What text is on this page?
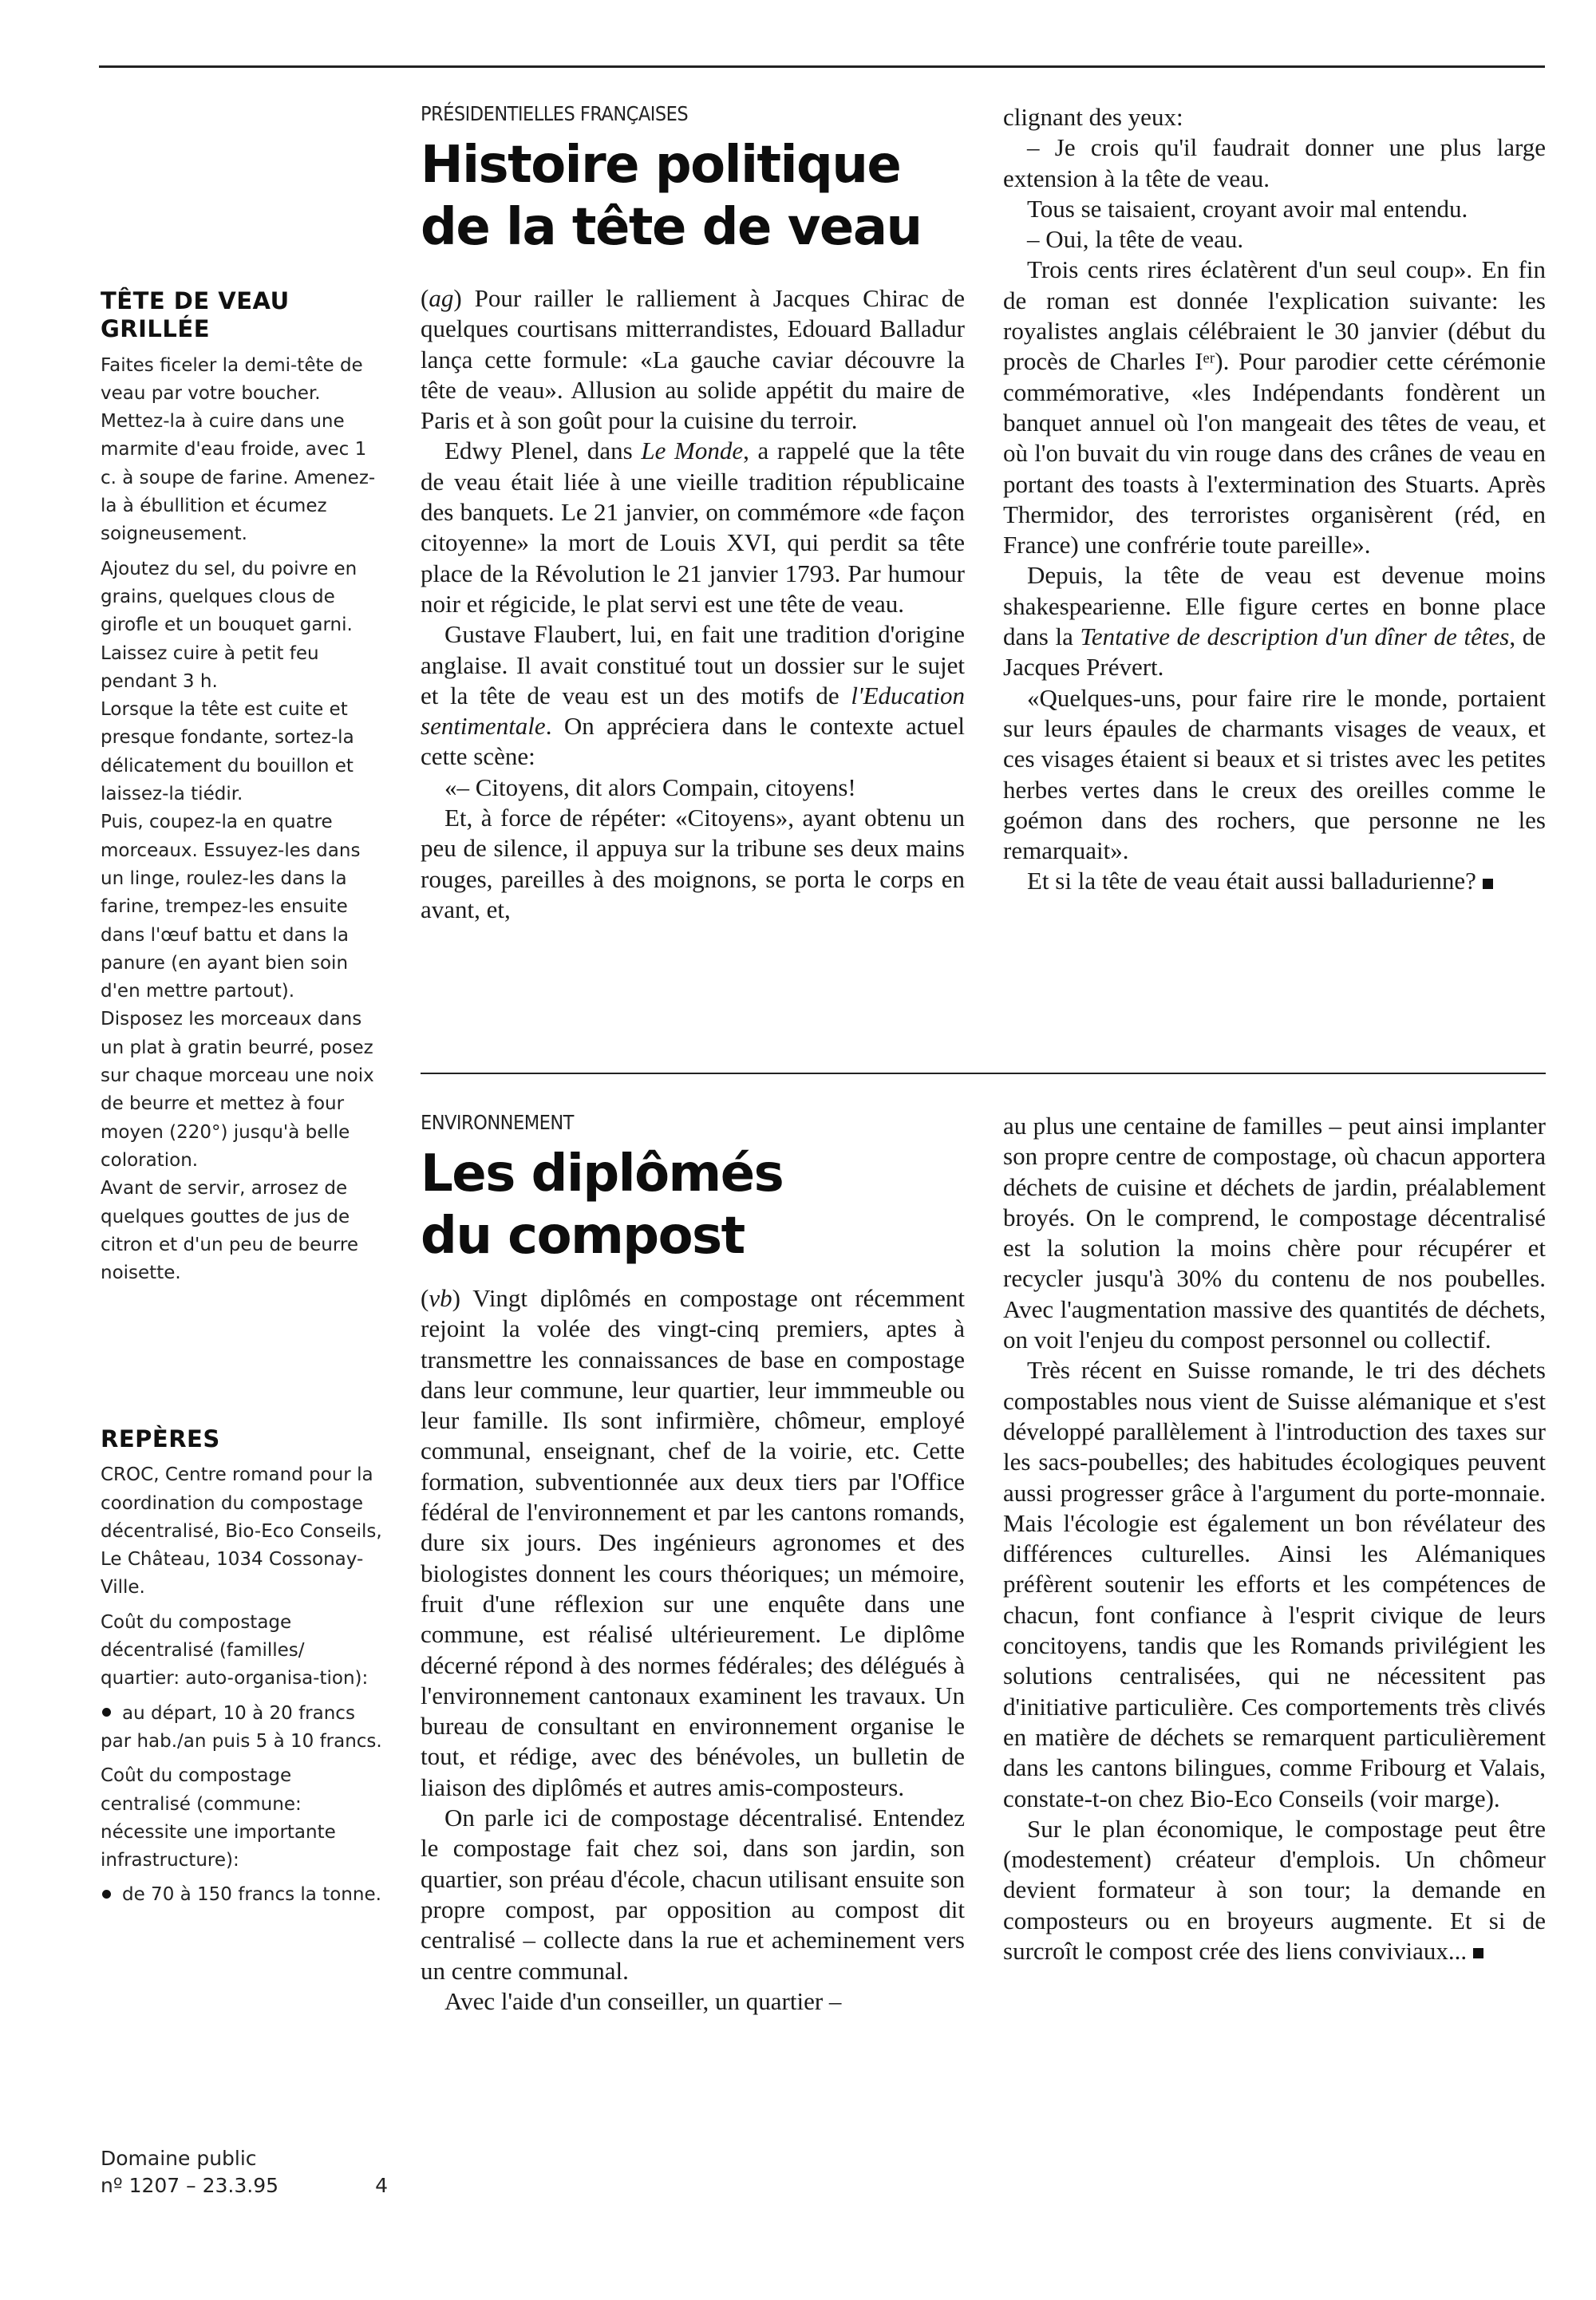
TÊTE DE VEAU GRILLÉE

Faites ficeler la demi-tête de veau par votre boucher. Mettez-la à cuire dans une marmite d'eau froide, avec 1 c. à soupe de farine. Amenez-la à ébullition et écumez soigneusement.

Ajoutez du sel, du poivre en grains, quelques clous de girofle et un bouquet garni. Laissez cuire à petit feu pendant 3 h.

Lorsque la tête est cuite et presque fondante, sortez-la délicatement du bouillon et laissez-la tiédir.

Puis, coupez-la en quatre morceaux. Essuyez-les dans un linge, roulez-les dans la farine, trempez-les ensuite dans l'œuf battu et dans la panure (en ayant bien soin d'en mettre partout).

Disposez les morceaux dans un plat à gratin beurré, posez sur chaque morceau une noix de beurre et mettez à four moyen (220°) jusqu'à belle coloration.

Avant de servir, arrosez de quelques gouttes de jus de citron et d'un peu de beurre noisette.

REPÈRES

CROC, Centre romand pour la coordination du compostage décentralisé, Bio-Eco Conseils, Le Château, 1034 Cossonay-Ville.

Coût du compostage décentralisé (familles/ quartier: auto-organisa-tion):

au départ, 10 à 20 francs par hab./an puis 5 à 10 francs.

Coût du compostage centralisé (commune: nécessite une importante infrastructure):

de 70 à 150 francs la tonne.

Domaine public
nº 1207 – 23.3.95	4
PRÉSIDENTIELLES FRANÇAISES
Histoire politique de la tête de veau

(ag) Pour railler le ralliement à Jacques Chirac de quelques courtisans mitterrandistes, Edouard Balladur lança cette formule: «La gauche caviar découvre la tête de veau». Allusion au solide appétit du maire de Paris et à son goût pour la cuisine du terroir.

Edwy Plenel, dans Le Monde, a rappelé que la tête de veau était liée à une vieille tradition républicaine des banquets. Le 21 janvier, on commémore «de façon citoyenne» la mort de Louis XVI, qui perdit sa tête place de la Révolution le 21 janvier 1793. Par humour noir et régicide, le plat servi est une tête de veau.

Gustave Flaubert, lui, en fait une tradition d'origine anglaise. Il avait constitué tout un dossier sur le sujet et la tête de veau est un des motifs de l'Education sentimentale. On appréciera dans le contexte actuel cette scène:

«– Citoyens, dit alors Compain, citoyens!

Et, à force de répéter: «Citoyens», ayant obtenu un peu de silence, il appuya sur la tribune ses deux mains rouges, pareilles à des moignons, se porta le corps en avant, et,

clignant des yeux:

– Je crois qu'il faudrait donner une plus large extension à la tête de veau.

Tous se taisaient, croyant avoir mal entendu.

– Oui, la tête de veau.

Trois cents rires éclatèrent d'un seul coup». En fin de roman est donnée l'explication suivante: les royalistes anglais célébraient le 30 janvier (début du procès de Charles Iᵉʳ). Pour parodier cette cérémonie commémorative, «les Indépendants fondèrent un banquet annuel où l'on mangeait des têtes de veau, et où l'on buvait du vin rouge dans des crânes de veau en portant des toasts à l'extermination des Stuarts. Après Thermidor, des terroristes organisèrent (réd, en France) une confrérie toute pareille».

Depuis, la tête de veau est devenue moins shakespearienne. Elle figure certes en bonne place dans la Tentative de description d'un dîner de têtes, de Jacques Prévert.

«Quelques-uns, pour faire rire le monde, portaient sur leurs épaules de charmants visages de veaux, et ces visages étaient si beaux et si tristes avec les petites herbes vertes dans le creux des oreilles comme le goémon dans des rochers, que personne ne les remarquait».

Et si la tête de veau était aussi balladurienne?

ENVIRONNEMENT
Les diplômés du compost

(vb) Vingt diplômés en compostage ont récemment rejoint la volée des vingt-cinq premiers, aptes à transmettre les connaissances de base en compostage dans leur commune, leur quartier, leur immmeuble ou leur famille. Ils sont infirmière, chômeur, employé communal, enseignant, chef de la voirie, etc. Cette formation, subventionnée aux deux tiers par l'Office fédéral de l'environnement et par les cantons romands, dure six jours. Des ingénieurs agronomes et des biologistes donnent les cours théoriques; un mémoire, fruit d'une réflexion sur une enquête dans une commune, est réalisé ultérieurement. Le diplôme décerné répond à des normes fédérales; des délégués à l'environnement cantonaux examinent les travaux. Un bureau de consultant en environnement organise le tout, et rédige, avec des bénévoles, un bulletin de liaison des diplômés et autres amis-composteurs.

On parle ici de compostage décentralisé. Entendez le compostage fait chez soi, dans son jardin, son quartier, son préau d'école, chacun utilisant ensuite son propre compost, par opposition au compost dit centralisé – collecte dans la rue et acheminement vers un centre communal.

Avec l'aide d'un conseiller, un quartier –

au plus une centaine de familles – peut ainsi implanter son propre centre de compostage, où chacun apportera déchets de cuisine et déchets de jardin, préalablement broyés. On le comprend, le compostage décentralisé est la solution la moins chère pour récupérer et recycler jusqu'à 30% du contenu de nos poubelles. Avec l'augmentation massive des quantités de déchets, on voit l'enjeu du compost personnel ou collectif.

Très récent en Suisse romande, le tri des déchets compostables nous vient de Suisse alémanique et s'est développé parallèlement à l'introduction des taxes sur les sacs-poubelles; des habitudes écologiques peuvent aussi progresser grâce à l'argument du porte-monnaie. Mais l'écologie est également un bon révélateur des différences culturelles. Ainsi les Alémaniques préfèrent soutenir les efforts et les compétences de chacun, font confiance à l'esprit civique de leurs concitoyens, tandis que les Romands privilégient les solutions centralisées, qui ne nécessitent pas d'initiative particulière. Ces comportements très clivés en matière de déchets se remarquent particulièrement dans les cantons bilingues, comme Fribourg et Valais, constate-t-on chez Bio-Eco Conseils (voir marge).

Sur le plan économique, le compostage peut être (modestement) créateur d'emplois. Un chômeur devient formateur à son tour; la demande en composteurs ou en broyeurs augmente. Et si de surcroît le compost crée des liens conviviaux...
